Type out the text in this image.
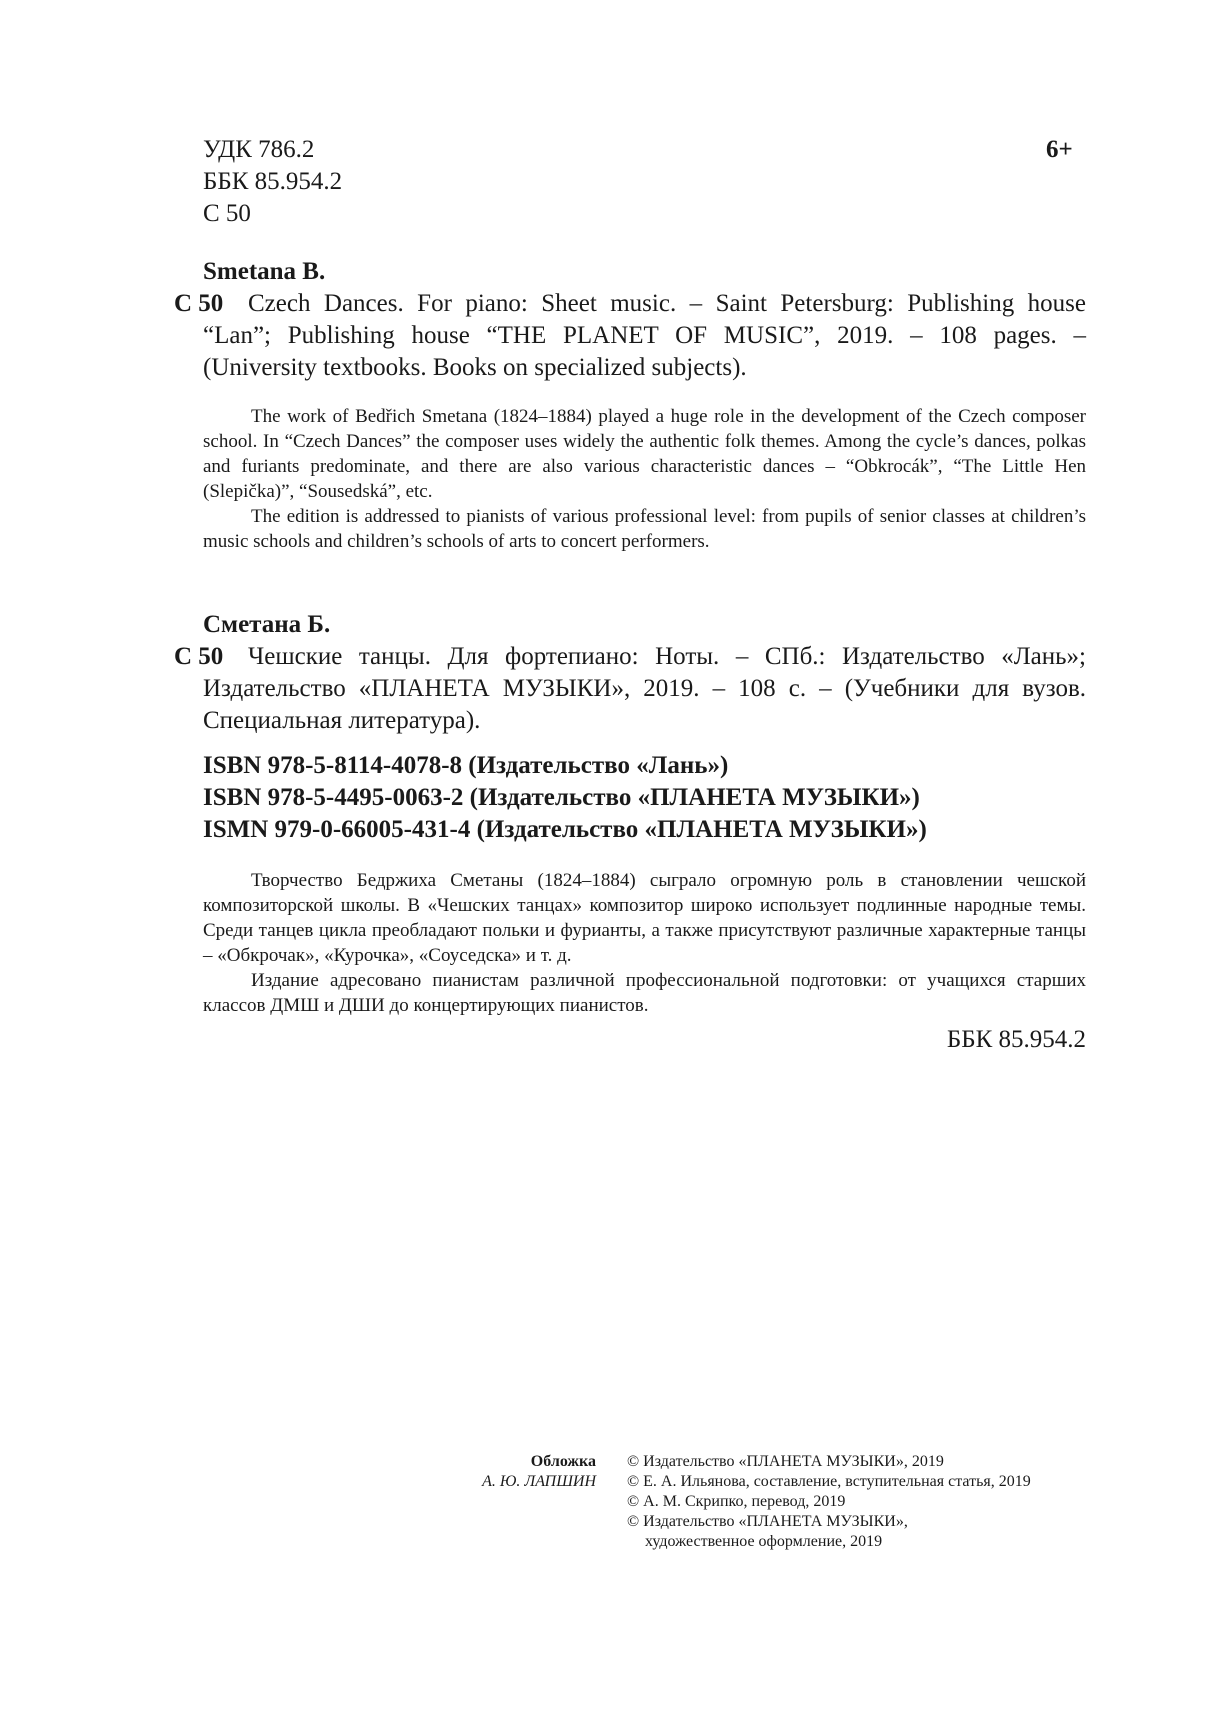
УДК 786.2
ББК 85.954.2
С 50
6+
Smetana B.
С 50 Czech Dances. For piano: Sheet music. – Saint Petersburg: Publishing house “Lan”; Publishing house “THE PLANET OF MUSIC”, 2019. – 108 pages. – (University textbooks. Books on specialized subjects).

The work of Bedřich Smetana (1824–1884) played a huge role in the development of the Czech composer school. In “Czech Dances” the composer uses widely the authentic folk themes. Among the cycle’s dances, polkas and furiants predominate, and there are also various characteristic dances – “Obkrocák”, “The Little Hen (Slepička)”, “Sousedská”, etc.

The edition is addressed to pianists of various professional level: from pupils of senior classes at children’s music schools and children’s schools of arts to concert performers.

Сметана Б.
С 50 Чешские танцы. Для фортепиано: Ноты. – СПб.: Издательство «Лань»; Издательство «ПЛАНЕТА МУЗЫКИ», 2019. – 108 с. – (Учебники для вузов. Специальная литература).
ISBN 978-5-8114-4078-8 (Издательство «Лань»)
ISBN 978-5-4495-0063-2 (Издательство «ПЛАНЕТА МУЗЫКИ»)
ISMN 979-0-66005-431-4 (Издательство «ПЛАНЕТА МУЗЫКИ»)

Творчество Бедржиха Сметаны (1824–1884) сыграло огромную роль в становлении чешской композиторской школы. В «Чешских танцах» композитор широко использует подлинные народные темы. Среди танцев цикла преобладают польки и фурианты, а также присутствуют различные характерные танцы – «Обкрочак», «Курочка», «Соуседска» и т. д.

Издание адресовано пианистам различной профессиональной подготовки: от учащихся старших классов ДМШ и ДШИ до концертирующих пианистов.

ББК 85.954.2
Обложка
А. Ю. ЛАПШИН
© Издательство «ПЛАНЕТА МУЗЫКИ», 2019
© Е. А. Ильянова, составление, вступительная статья, 2019
© А. М. Скрипко, перевод, 2019
© Издательство «ПЛАНЕТА МУЗЫКИ»,
художественное оформление, 2019
